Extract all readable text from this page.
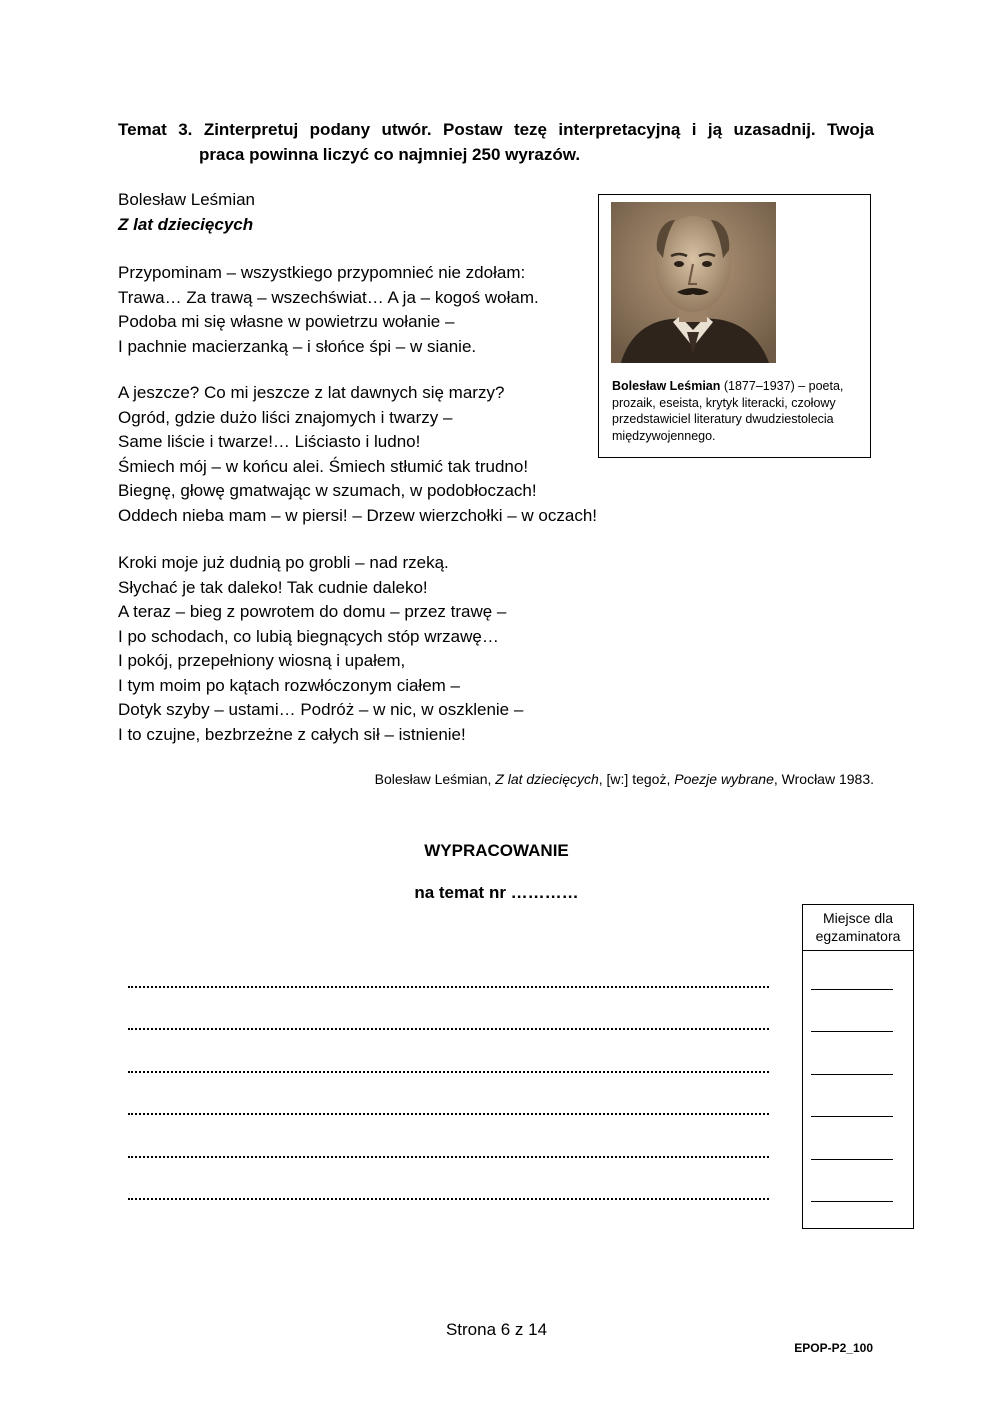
Temat 3. Zinterpretuj podany utwór. Postaw tezę interpretacyjną i ją uzasadnij. Twoja
praca powinna liczyć co najmniej 250 wyrazów.
Bolesław Leśmian
Z lat dziecięcych
Przypominam – wszystkiego przypomnieć nie zdołam:
Trawa… Za trawą – wszechświat… A ja – kogoś wołam.
Podoba mi się własne w powietrzu wołanie –
I pachnie macierzanką – i słońce śpi – w sianie.
A jeszcze? Co mi jeszcze z lat dawnych się marzy?
Ogród, gdzie dużo liści znajomych i twarzy –
Same liście i twarze!… Liściasto i ludno!
Śmiech mój – w końcu alei. Śmiech stłumić tak trudno!
Biegnę, głowę gmatwając w szumach, w podobłoczach!
Oddech nieba mam – w piersi! – Drzew wierzchołki – w oczach!
Kroki moje już dudnią po grobli – nad rzeką.
Słychać je tak daleko! Tak cudnie daleko!
A teraz – bieg z powrotem do domu – przez trawę –
I po schodach, co lubią biegnących stóp wrzawę…
I pokój, przepełniony wiosną i upałem,
I tym moim po kątach rozwłóczonym ciałem –
Dotyk szyby – ustami… Podróż – w nic, w oszklenie –
I to czujne, bezbrzeżne z całych sił – istnienie!
Bolesław Leśmian (1877–1937) – poeta, prozaik, eseista, krytyk literacki, czołowy przedstawiciel literatury dwudziestolecia międzywojennego.
Bolesław Leśmian, Z lat dziecięcych, [w:] tegoż, Poezje wybrane, Wrocław 1983.
WYPRACOWANIE
na temat nr …………
Miejsce dla egzaminatora
Strona 6 z 14
EPOP-P2_100
